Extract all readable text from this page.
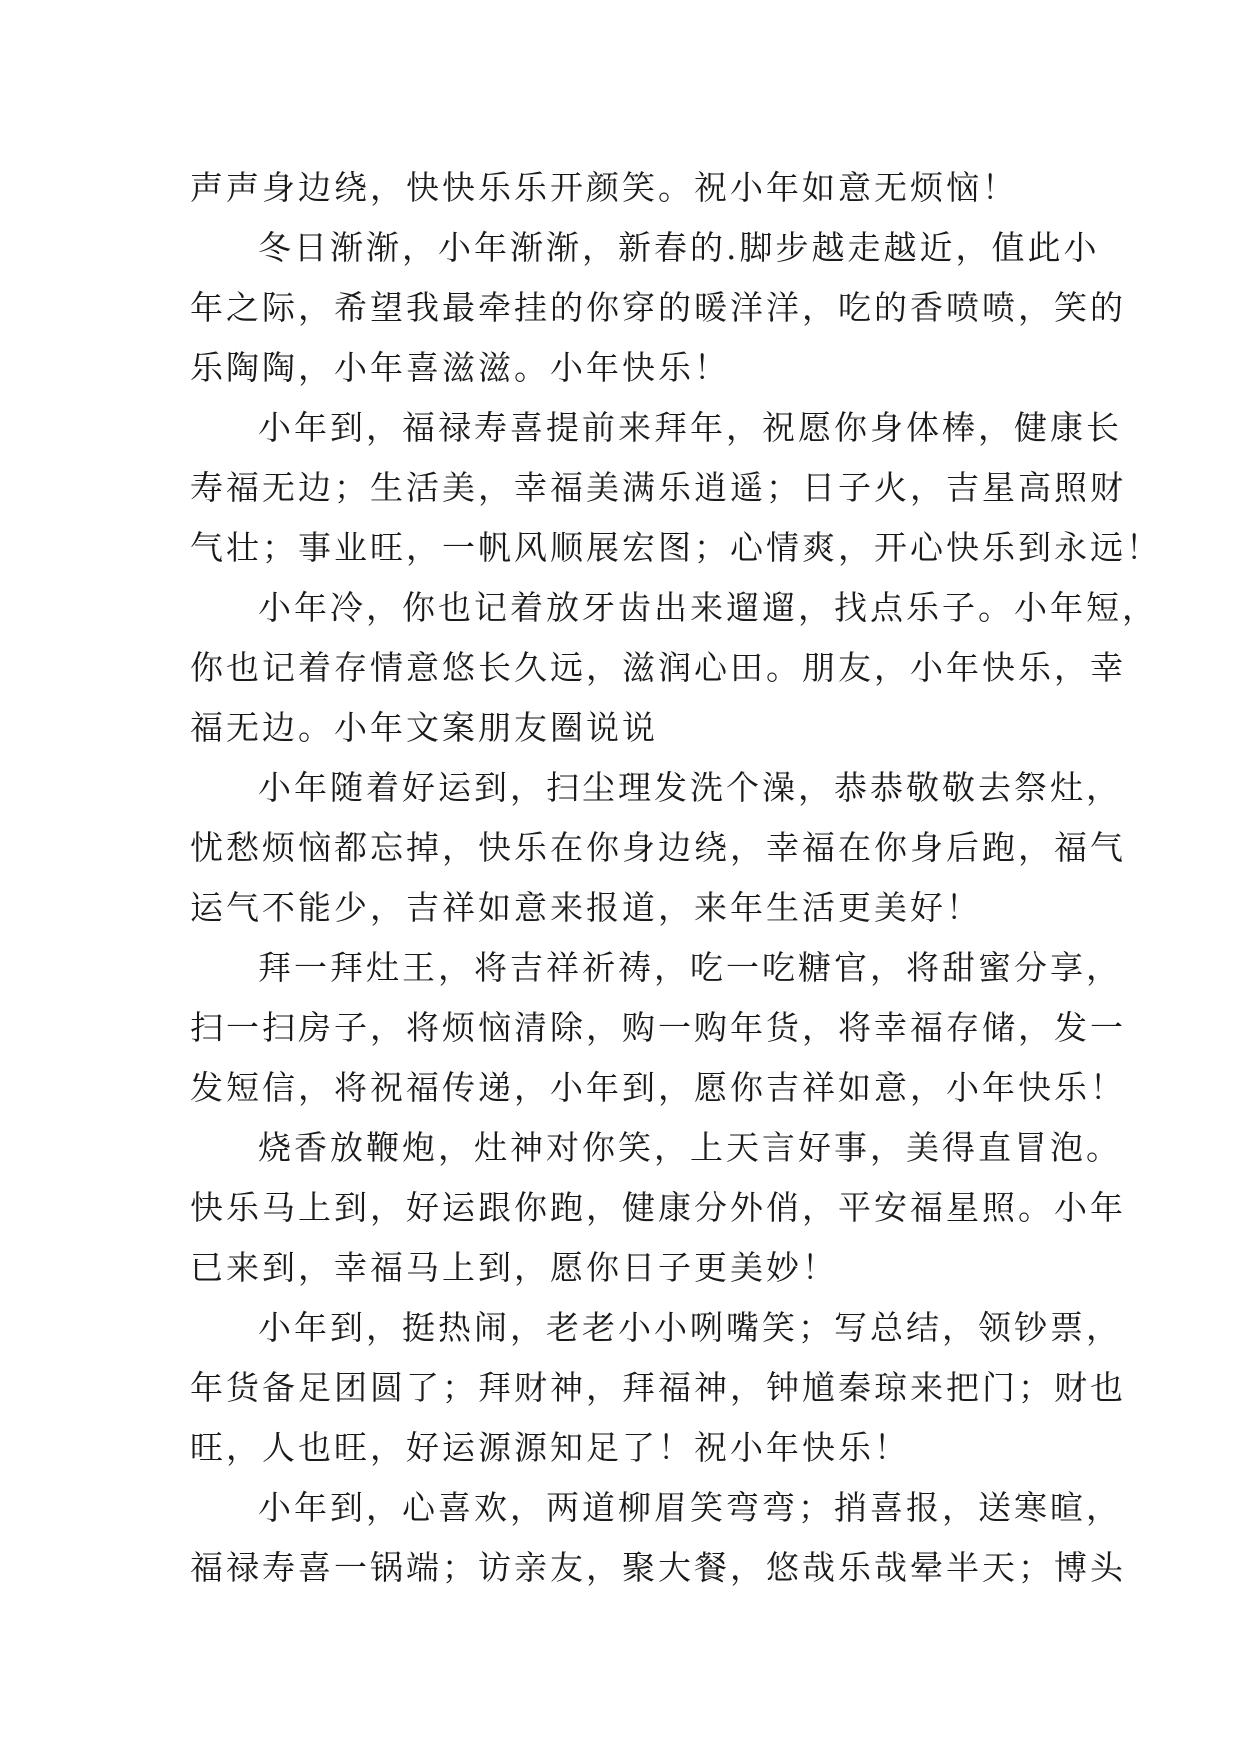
声声身边绕，快快乐乐开颜笑。祝小年如意无烦恼！
冬日渐渐，小年渐渐，新春的.脚步越走越近，值此小
年之际，希望我最牵挂的你穿的暖洋洋，吃的香喷喷，笑的
乐陶陶，小年喜滋滋。小年快乐！
小年到，福禄寿喜提前来拜年，祝愿你身体棒，健康长
寿福无边；生活美，幸福美满乐逍遥；日子火，吉星高照财
气壮；事业旺，一帆风顺展宏图；心情爽，开心快乐到永远！
小年冷，你也记着放牙齿出来遛遛，找点乐子。小年短，
你也记着存情意悠长久远，滋润心田。朋友，小年快乐，幸
福无边。小年文案朋友圈说说
小年随着好运到，扫尘理发洗个澡，恭恭敬敬去祭灶，
忧愁烦恼都忘掉，快乐在你身边绕，幸福在你身后跑，福气
运气不能少，吉祥如意来报道，来年生活更美好！
拜一拜灶王，将吉祥祈祷，吃一吃糖官，将甜蜜分享，
扫一扫房子，将烦恼清除，购一购年货，将幸福存储，发一
发短信，将祝福传递，小年到，愿你吉祥如意，小年快乐！
烧香放鞭炮，灶神对你笑，上天言好事，美得直冒泡。
快乐马上到，好运跟你跑，健康分外俏，平安福星照。小年
已来到，幸福马上到，愿你日子更美妙！
小年到，挺热闹，老老小小咧嘴笑；写总结，领钞票，
年货备足团圆了；拜财神，拜福神，钟馗秦琼来把门；财也
旺，人也旺，好运源源知足了！祝小年快乐！
小年到，心喜欢，两道柳眉笑弯弯；捎喜报，送寒暄，
福禄寿喜一锅端；访亲友，聚大餐，悠哉乐哉晕半天；博头
